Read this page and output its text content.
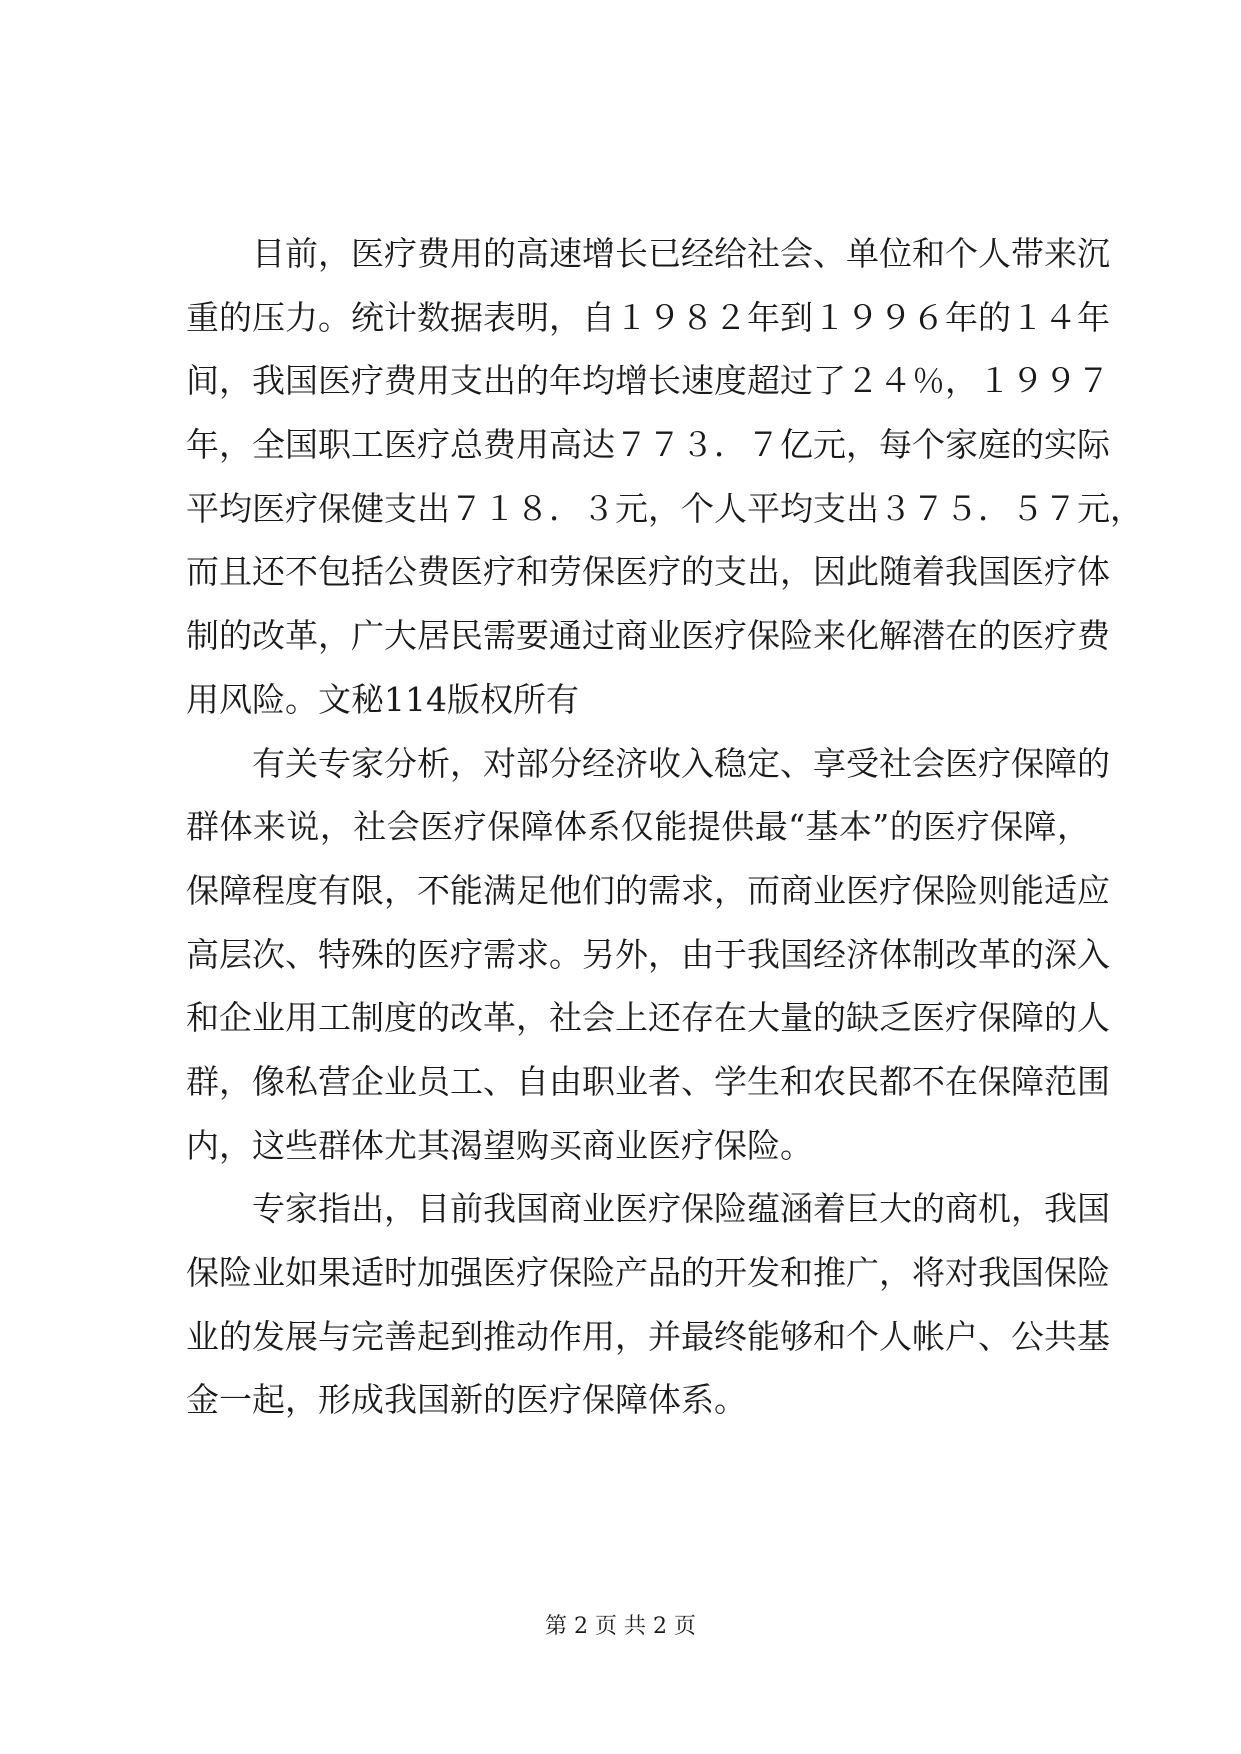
目前，医疗费用的高速增长已经给社会、单位和个人带来沉
重的压力。统计数据表明，自１９８２年到１９９６年的１４年
间，我国医疗费用支出的年均增长速度超过了２４％，１９９７
年，全国职工医疗总费用高达７７３．７亿元，每个家庭的实际
平均医疗保健支出７１８．３元，个人平均支出３７５．５７元，
而且还不包括公费医疗和劳保医疗的支出，因此随着我国医疗体
制的改革，广大居民需要通过商业医疗保险来化解潜在的医疗费
用风险。文秘114版权所有
有关专家分析，对部分经济收入稳定、享受社会医疗保障的
群体来说，社会医疗保障体系仅能提供最“基本”的医疗保障，
保障程度有限，不能满足他们的需求，而商业医疗保险则能适应
高层次、特殊的医疗需求。另外，由于我国经济体制改革的深入
和企业用工制度的改革，社会上还存在大量的缺乏医疗保障的人
群，像私营企业员工、自由职业者、学生和农民都不在保障范围
内，这些群体尤其渴望购买商业医疗保险。
专家指出，目前我国商业医疗保险蕴涵着巨大的商机，我国
保险业如果适时加强医疗保险产品的开发和推广，将对我国保险
业的发展与完善起到推动作用，并最终能够和个人帐户、公共基
金一起，形成我国新的医疗保障体系。
第 2 页 共 2 页
